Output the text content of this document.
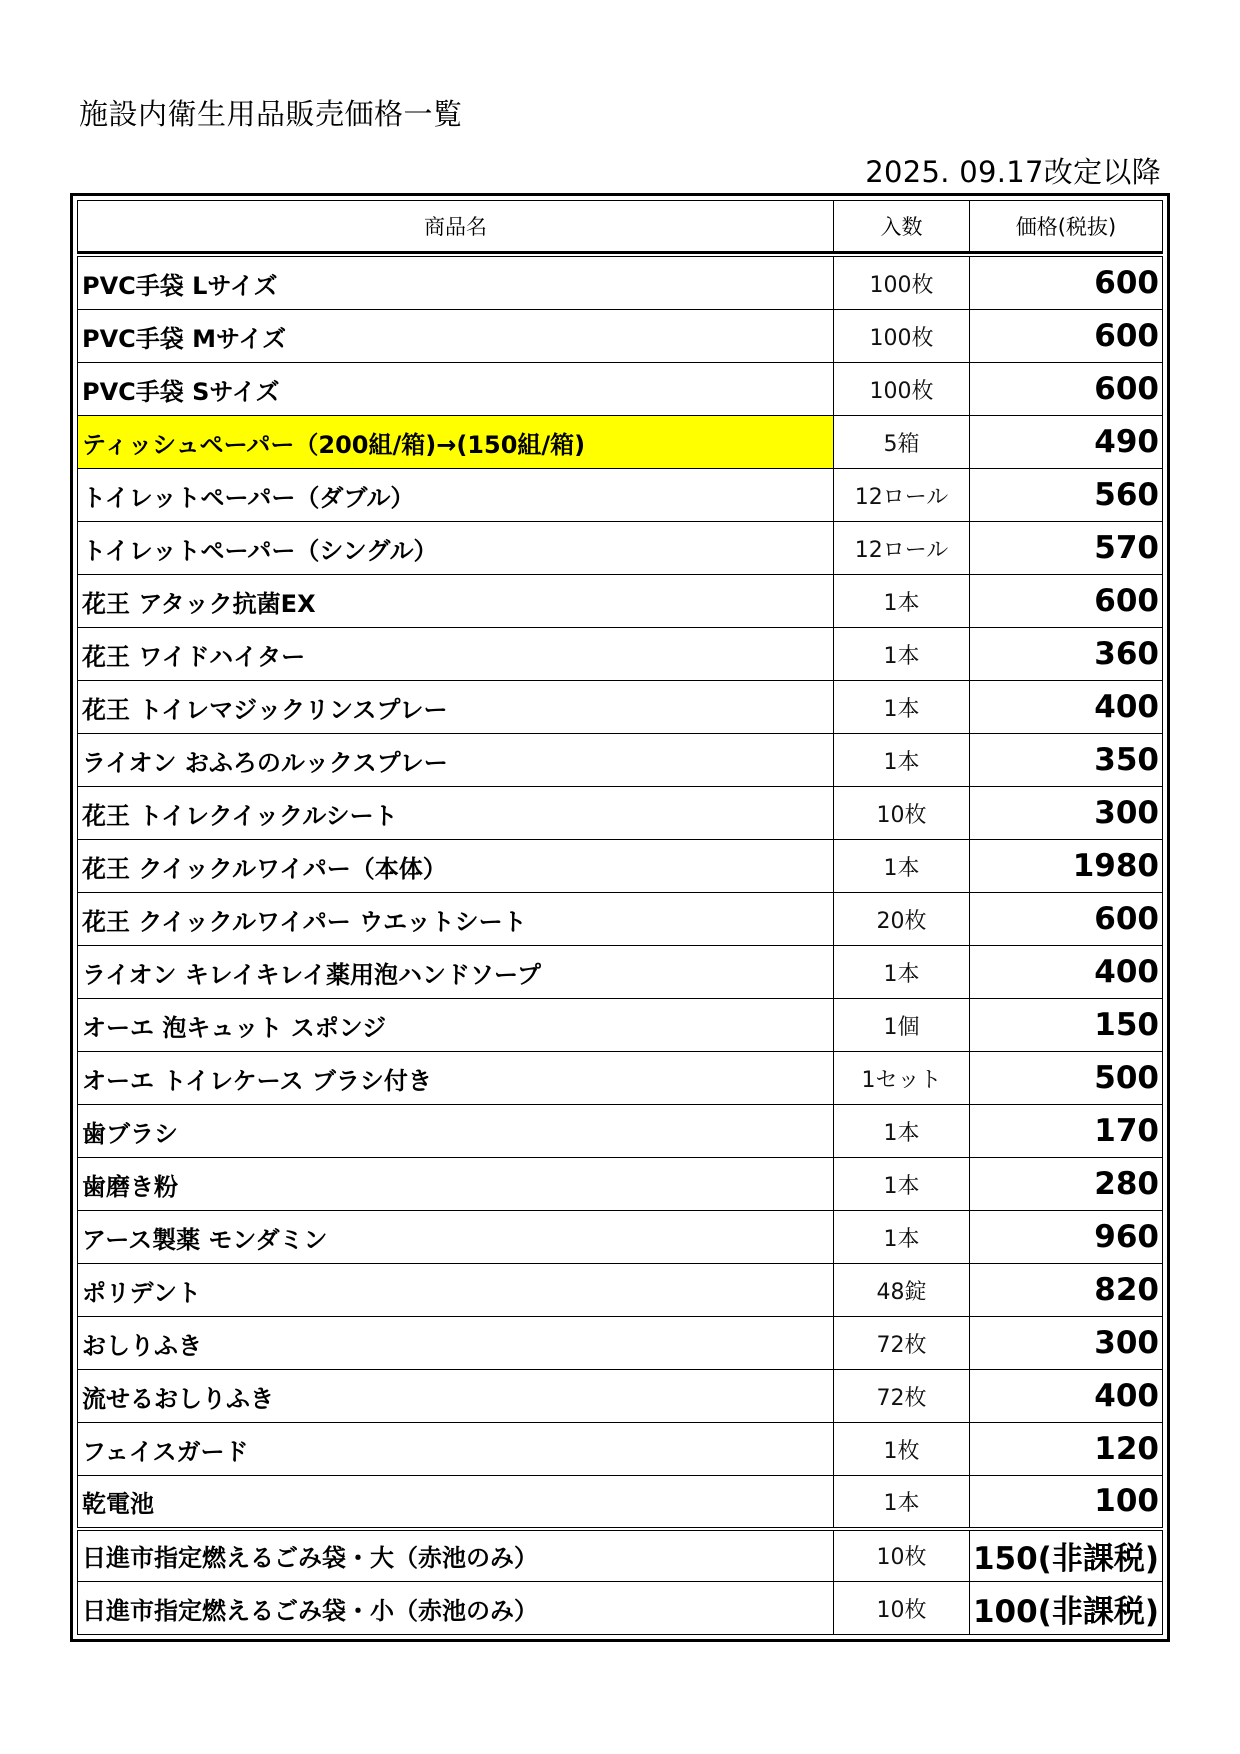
施設内衛生用品販売価格一覧
2025. 09.17改定以降
商品名	入数	価格(税抜)

PVC手袋 Lサイズ	100枚	600
PVC手袋 Mサイズ	100枚	600
PVC手袋 Sサイズ	100枚	600
ティッシュペーパー（200組/箱)→(150組/箱)	5箱	490
トイレットペーパー（ダブル）	12ロール	560
トイレットペーパー（シングル）	12ロール	570
花王 アタック抗菌EX	1本	600
花王 ワイドハイター	1本	360
花王 トイレマジックリンスプレー	1本	400
ライオン おふろのルックスプレー	1本	350
花王 トイレクイックルシート	10枚	300
花王 クイックルワイパー（本体）	1本	1980
花王 クイックルワイパー ウエットシート	20枚	600
ライオン キレイキレイ薬用泡ハンドソープ	1本	400
オーエ 泡キュット スポンジ	1個	150
オーエ トイレケース ブラシ付き	1セット	500
歯ブラシ	1本	170
歯磨き粉	1本	280
アース製薬 モンダミン	1本	960
ポリデント	48錠	820
おしりふき	72枚	300
流せるおしりふき	72枚	400
フェイスガード	1枚	120
乾電池	1本	100
日進市指定燃えるごみ袋・大（赤池のみ）	10枚	150(非課税)
日進市指定燃えるごみ袋・小（赤池のみ）	10枚	100(非課税)
